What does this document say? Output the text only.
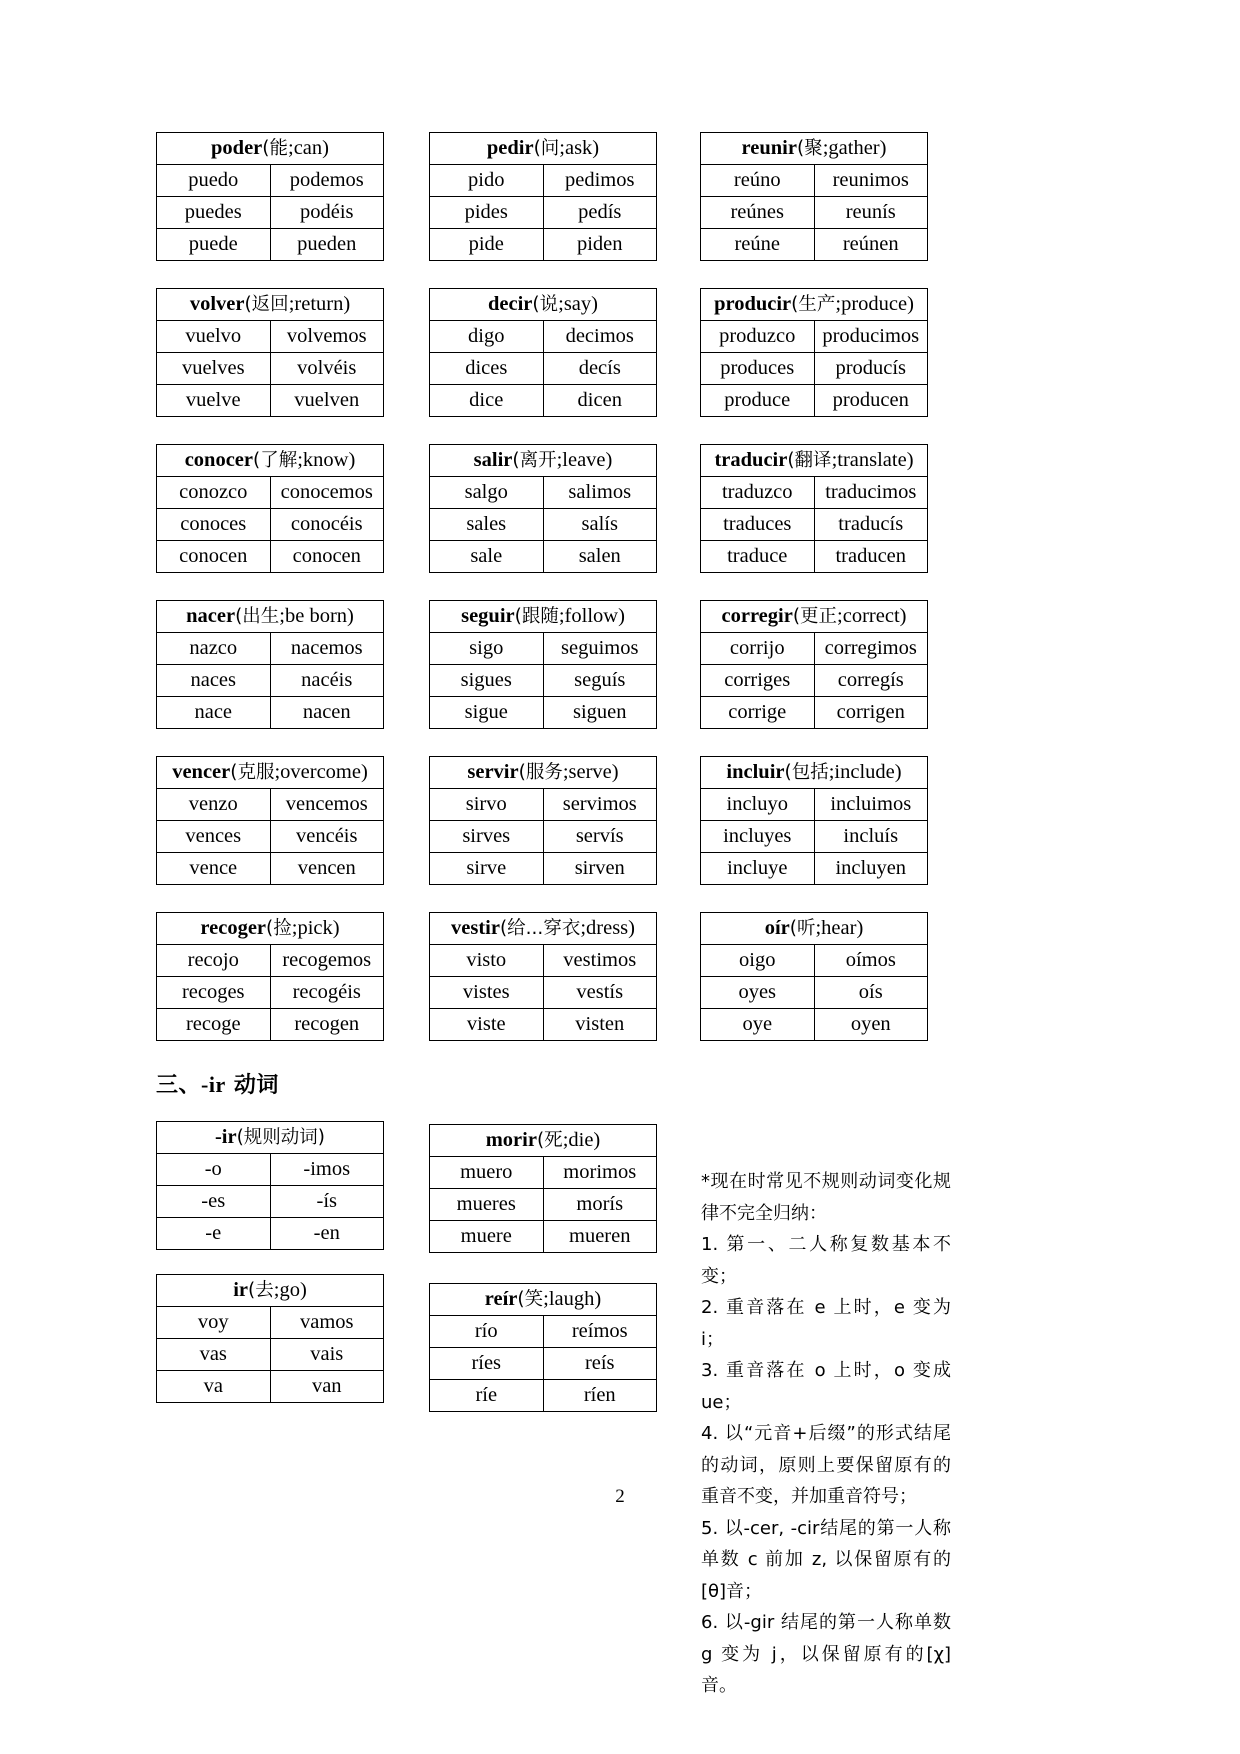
poder(能;can)	
puedo	podemos
puedes	podéis
puede	pueden
volver(返回;return)	
vuelvo	volvemos
vuelves	volvéis
vuelve	vuelven
conocer(了解;know)	
conozco	conocemos
conoces	conocéis
conocen	conocen
nacer(出生;be born)	
nazco	nacemos
naces	nacéis
nace	nacen
vencer(克服;overcome)	
venzo	vencemos
vences	vencéis
vence	vencen
recoger(捡;pick)	
recojo	recogemos
recoges	recogéis
recoge	recogen
三、-ir 动词
-ir(规则动词)	
-o	-imos
-es	-ís
-e	-en
ir(去;go)	
voy	vamos
vas	vais
va	van
pedir(问;ask)	
pido	pedimos
pides	pedís
pide	piden
decir(说;say)	
digo	decimos
dices	decís
dice	dicen
salir(离开;leave)	
salgo	salimos
sales	salís
sale	salen
seguir(跟随;follow)	
sigo	seguimos
sigues	seguís
sigue	siguen
servir(服务;serve)	
sirvo	servimos
sirves	servís
sirve	sirven
vestir(给...穿衣;dress)	
visto	vestimos
vistes	vestís
viste	visten
morir(死;die)	
muero	morimos
mueres	morís
muere	mueren
reír(笑;laugh)	
río	reímos
ríes	reís
ríe	ríen
reunir(聚;gather)	
reúno	reunimos
reúnes	reunís
reúne	reúnen
producir(生产;produce)	
produzco	producimos
produces	producís
produce	producen
traducir(翻译;translate)	
traduzco	traducimos
traduces	traducís
traduce	traducen
corregir(更正;correct)	
corrijo	corregimos
corriges	corregís
corrige	corrigen
incluir(包括;include)	
incluyo	incluimos
incluyes	incluís
incluye	incluyen
oír(听;hear)	
oigo	oímos
oyes	oís
oye	oyen

*现在时常见不规则动词变化规律不完全归纳：

1. 第一、二人称复数基本不变；

2. 重音落在 e 上时，e 变为 i；

3. 重音落在 o 上时，o 变成 ue；

4. 以“元音+后缀”的形式结尾的动词，原则上要保留原有的重音不变，并加重音符号；

5. 以-cer, -cir结尾的第一人称单数 c 前加 z, 以保留原有的[θ]音；

6. 以-gir 结尾的第一人称单数 g 变为 j，以保留原有的[χ]音。

2
